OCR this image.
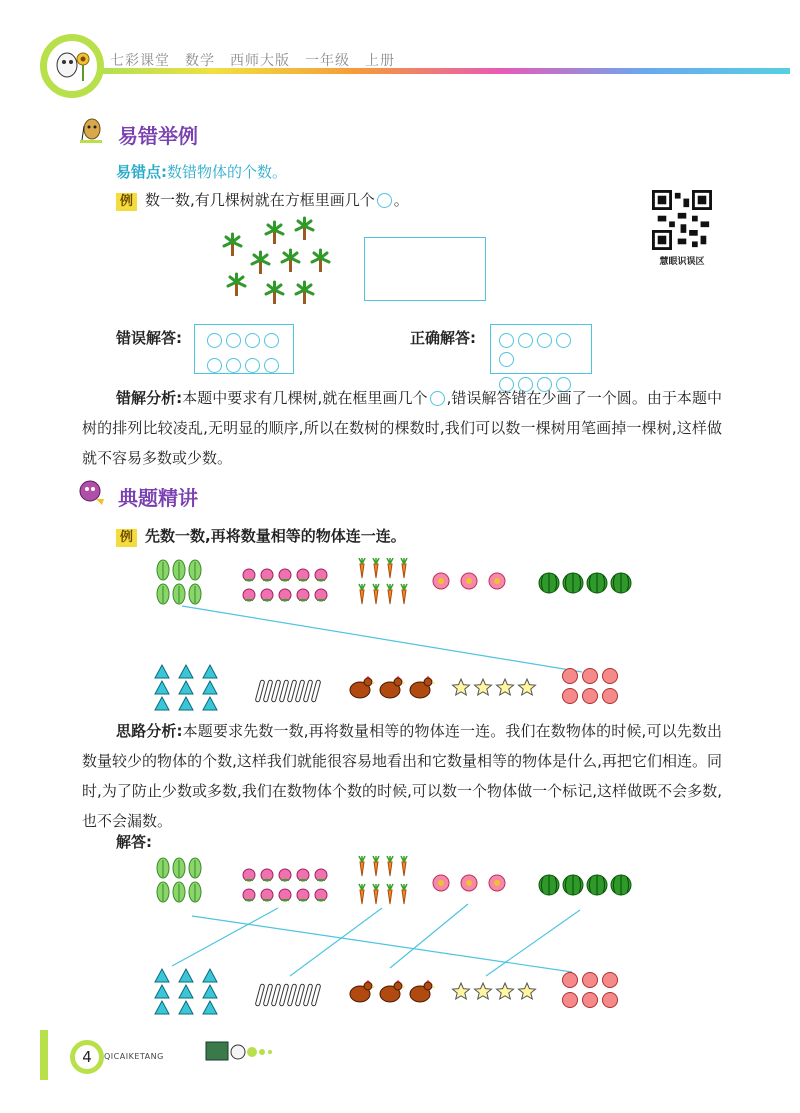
七彩课堂　数学　西师大版　一年级　上册
易错举例
易错点:数错物体的个数。
例 数一数,有几棵树就在方框里画几个 。
慧眼识误区
错误解答:	正确解答:
错解分析:本题中要求有几棵树,就在框里画几个 ,错误解答错在少画了一个圆。由于本题中树的排列比较凌乱,无明显的顺序,所以在数树的棵数时,我们可以数一棵树用笔画掉一棵树,这样做就不容易多数或少数。
典题精讲
例 先数一数,再将数量相等的物体连一连。
思路分析:本题要求先数一数,再将数量相等的物体连一连。我们在数物体的时候,可以先数出数量较少的物体的个数,这样我们就能很容易地看出和它数量相等的物体是什么,再把它们相连。同时,为了防止少数或多数,我们在数物体个数的时候,可以数一个物体做一个标记,这样做既不会多数,也不会漏数。
解答:
4	QICAIKETANG
